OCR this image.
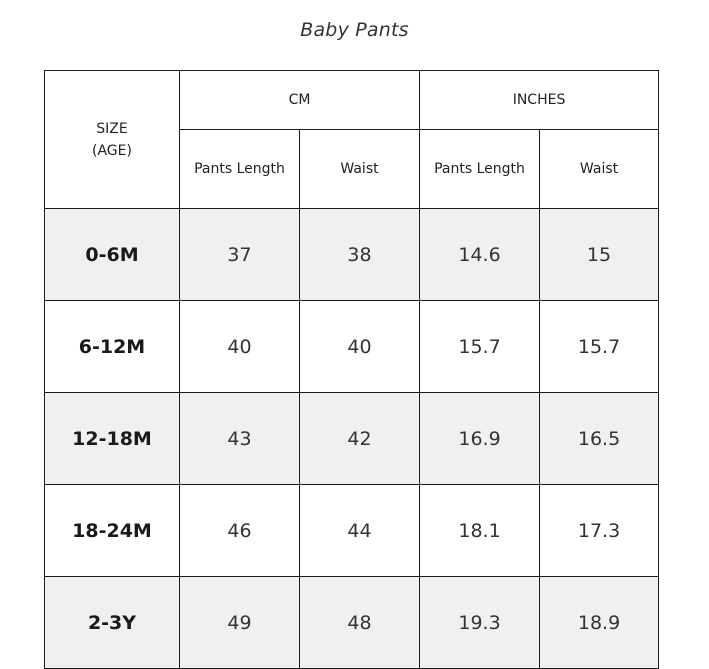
Baby Pants
SIZE
(AGE)	CM		INCHES	
	Pants Length	Waist	Pants Length	Waist
0-6M	37	38	14.6	15
6-12M	40	40	15.7	15.7
12-18M	43	42	16.9	16.5
18-24M	46	44	18.1	17.3
2-3Y	49	48	19.3	18.9
